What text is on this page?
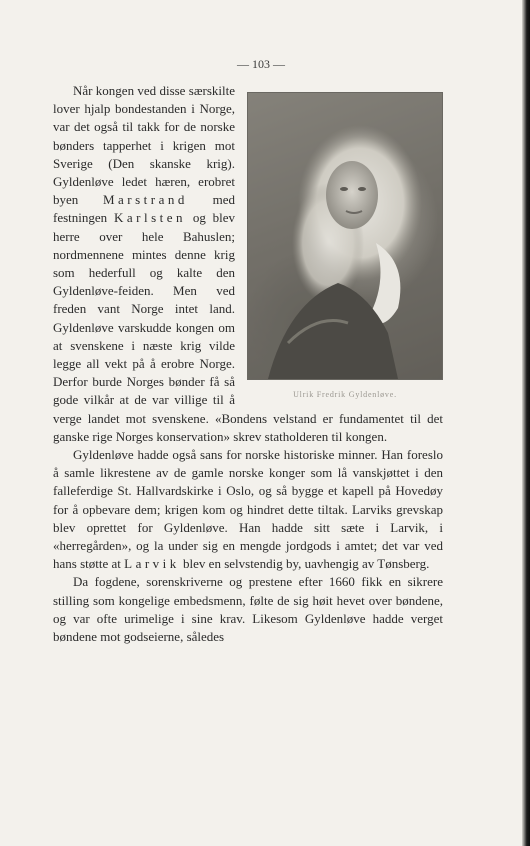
— 103 —
Ulrik Fredrik Gyldenløve.

Når kongen ved disse særskilte lover hjalp bondestanden i Norge, var det også til takk for de norske bønders tapperhet i krigen mot Sverige (Den skanske krig). Gyldenløve ledet hæren, erobret byen Marstrand med festningen Karlsten og blev herre over hele Bahuslen; nordmennene mintes denne krig som hederfull og kalte den Gyldenløve-feiden. Men ved freden vant Norge intet land. Gyldenløve varskudde kongen om at svenskene i næste krig vilde legge all vekt på å erobre Norge. Derfor burde Norges bønder få så gode vilkår at de var villige til å verge landet mot svenskene. «Bondens velstand er fundamentet til det ganske rige Norges konservation» skrev statholderen til kongen.

Gyldenløve hadde også sans for norske historiske minner. Han foreslo å samle likrestene av de gamle norske konger som lå vanskjøttet i den falleferdige St. Hallvardskirke i Oslo, og så bygge et kapell på Hovedøy for å opbevare dem; krigen kom og hindret dette tiltak. Larviks grevskap blev oprettet for Gyldenløve. Han hadde sitt sæte i Larvik, i «herregården», og la under sig en mengde jordgods i amtet; det var ved hans støtte at Larvik blev en selvstendig by, uavhengig av Tønsberg.

Da fogdene, sorenskriverne og prestene efter 1660 fikk en sikrere stilling som kongelige embedsmenn, følte de sig høit hevet over bøndene, og var ofte urimelige i sine krav. Likesom Gyldenløve hadde verget bøndene mot godseierne, således
